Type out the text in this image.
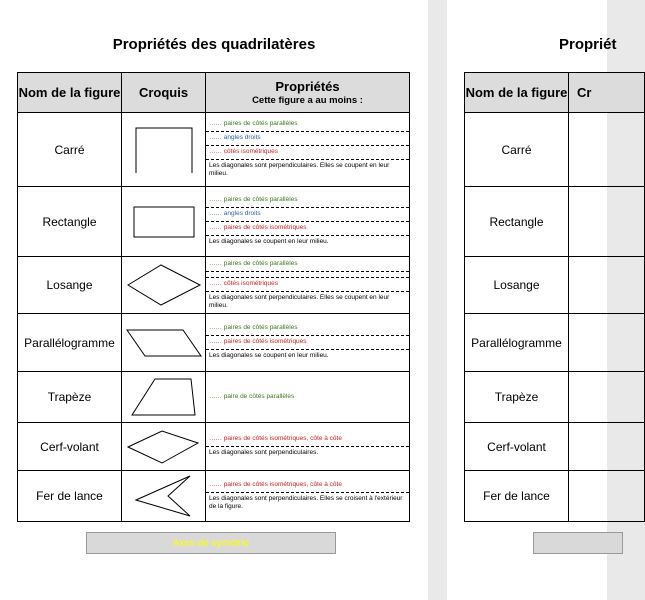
Propriétés des quadrilatères
Nom de la figure	Croquis	Propriétés
Cette figure a au moins :

Carré		…… paires de côtés parallèles
…… angles droits
…… côtés isométriques
Les diagonales sont perpendiculaires. Elles se coupent en leur milieu.

Rectangle		…… paires de côtés parallèles
…… angles droits
…… paires de côtés isométriques
Les diagonales se coupent en leur milieu.

Losange		…… paires de côtés parallèles
…… côtés isométriques
Les diagonales sont perpendiculaires. Elles se coupent en leur milieu.

Parallélogramme		…… paires de côtés parallèles
…… paires de côtés isométriques
Les diagonales se coupent en leur milieu.

Trapèze		…… paire de côtés parallèles

Cerf-volant		…… paires de côtés isométriques, côte à côte
Les diagonales sont perpendiculaires.

Fer de lance		…… paires de côtés isométriques, côte à côte
Les diagonales sont perpendiculaires. Elles se croisent à l'extérieur de la figure.
Axes de symétrie
Propriét
Nom de la figure	Cr
Carré	
Rectangle	
Losange	
Parallélogramme	
Trapèze	
Cerf-volant	
Fer de lance	
